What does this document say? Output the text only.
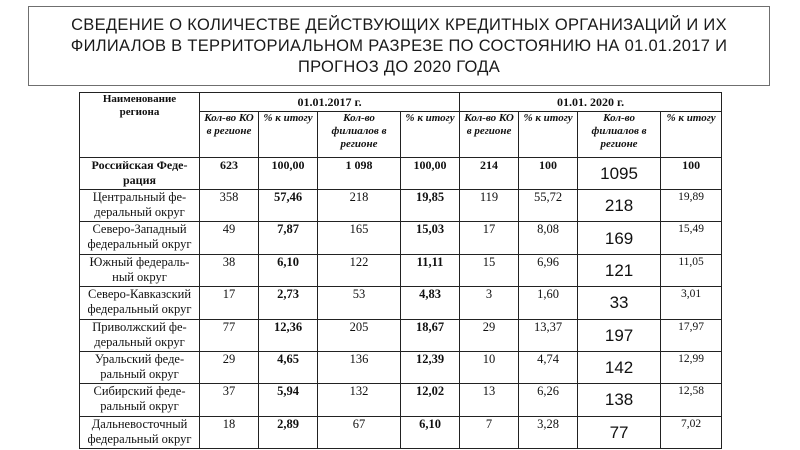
СВЕДЕНИЕ О КОЛИЧЕСТВЕ ДЕЙСТВУЮЩИХ КРЕДИТНЫХ ОРГАНИЗАЦИЙ И ИХ ФИЛИАЛОВ В ТЕРРИТОРИАЛЬНОМ РАЗРЕЗЕ ПО СОСТОЯНИЮ НА 01.01.2017 И ПРОГНОЗ ДО 2020 ГОДА
Наименование региона	01.01.2017 г.				01.01. 2020 г.			
	Кол-во КО в регионе	% к итогу	Кол-во филиалов в регионе	% к итогу	Кол-во КО в регионе	% к итогу	Кол-во филиалов в регионе	% к итогу
Российская Феде-рация	623	100,00	1 098	100,00	214	100	1095	100
Центральный фе-деральный округ	358	57,46	218	19,85	119	55,72	218	19,89
Северо-Западный федеральный округ	49	7,87	165	15,03	17	8,08	169	15,49
Южный федераль-ный округ	38	6,10	122	11,11	15	6,96	121	11,05
Северо-Кавказский федеральный округ	17	2,73	53	4,83	3	1,60	33	3,01
Приволжский фе-деральный округ	77	12,36	205	18,67	29	13,37	197	17,97
Уральский феде-ральный округ	29	4,65	136	12,39	10	4,74	142	12,99
Сибирский феде-ральный округ	37	5,94	132	12,02	13	6,26	138	12,58
Дальневосточный федеральный округ	18	2,89	67	6,10	7	3,28	77	7,02
